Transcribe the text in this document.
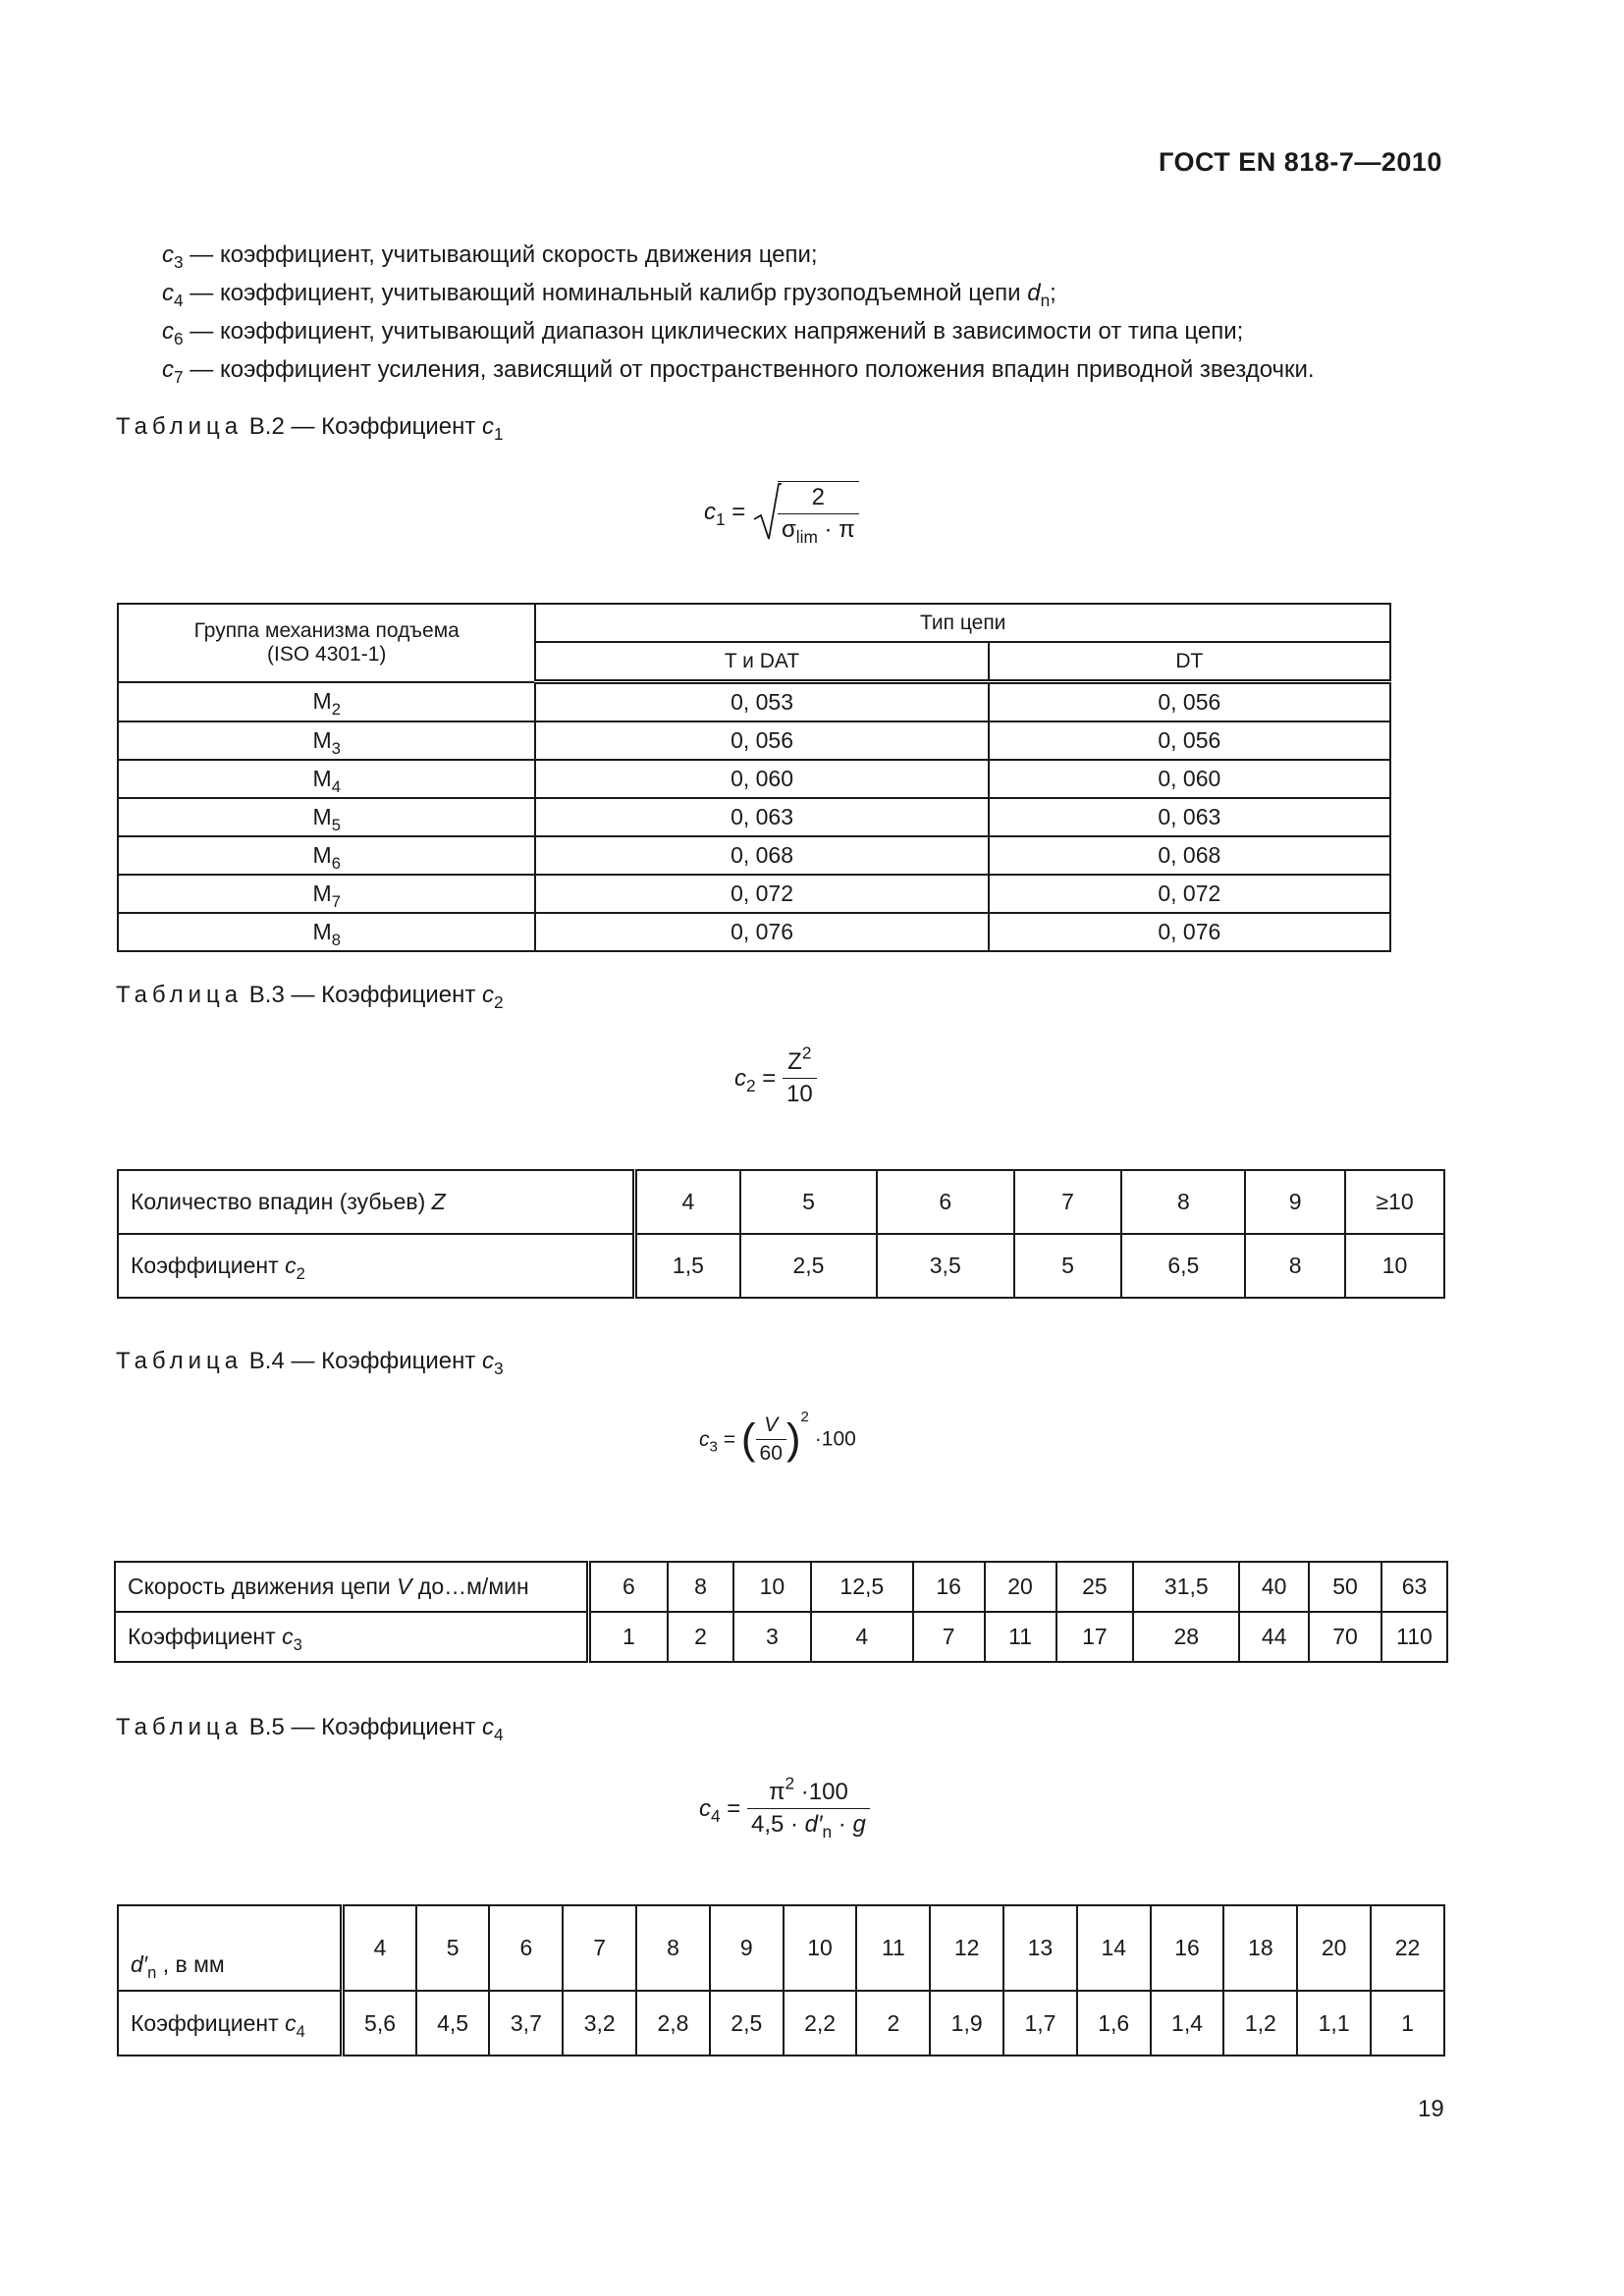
ГОСТ EN 818-7—2010
$c_3$ — коэффициент, учитывающий скорость движения цепи;
$c_4$ — коэффициент, учитывающий номинальный калибр грузоподъемной цепи $d_n$;
$c_6$ — коэффициент, учитывающий диапазон циклических напряжений в зависимости от типа цепи;
$c_7$ — коэффициент усиления, зависящий от пространственного положения впадин приводной звездочки.
Таблица В.2 — Коэффициент $c_1$
$c_1 = \frac{2}{\sigma_{lim} \cdot \pi}$
Группа механизма подъема
(ISO 4301-1)	Тип цепи	
	T и DAT	DT
$M_2$	0, 053	0, 056
$M_3$	0, 056	0, 056
$M_4$	0, 060	0, 060
$M_5$	0, 063	0, 063
$M_6$	0, 068	0, 068
$M_7$	0, 072	0, 072
$M_8$	0, 076	0, 076
Таблица В.3 — Коэффициент $c_2$
$c_2 = \frac{Z^2}{10}$
Количество впадин (зубьев) Z	4	5	6	7	8	9	≥10
Коэффициент $c_2$	1,5	2,5	3,5	5	6,5	8	10
Таблица В.4 — Коэффициент $c_3$
$c_3$ = ( $\frac{V}{60} )^2 \cdot 100$
Скорость движения цепи V до…м/мин	6	8	10	12,5	16	20	25	31,5	40	50	63
Коэффициент $c_3$	1	2	3	4	7	11	17	28	44	70	110
Таблица В.5 — Коэффициент $c_4$
$c_4 = \frac{\pi^2 \cdot 100}{4,5 \cdot d'_n \cdot g}$
$d'_n$ , в мм	4	5	6	7	8	9	10	11	12	13	14	16	18	20	22
Коэффициент $c_4$	5,6	4,5	3,7	3,2	2,8	2,5	2,2	2	1,9	1,7	1,6	1,4	1,2	1,1	1
19
